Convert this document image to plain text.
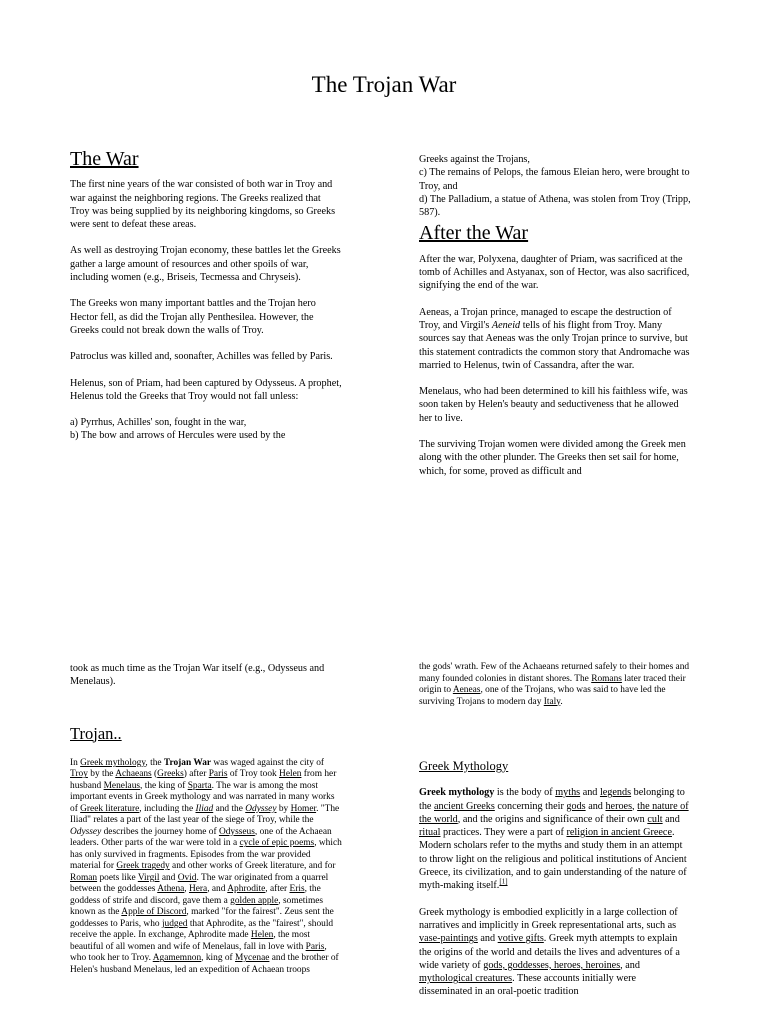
The Trojan War
The War

The first nine years of the war consisted of both war in Troy and war against the neighboring regions. The Greeks realized that Troy was being supplied by its neighboring kingdoms, so Greeks were sent to defeat these areas.

As well as destroying Trojan economy, these battles let the Greeks gather a large amount of resources and other spoils of war, including women (e.g., Briseis, Tecmessa and Chryseis).

The Greeks won many important battles and the Trojan hero Hector fell, as did the Trojan ally Penthesilea. However, the Greeks could not break down the walls of Troy.

Patroclus was killed and, soonafter, Achilles was felled by Paris.

Helenus, son of Priam, had been captured by Odysseus. A prophet, Helenus told the Greeks that Troy would not fall unless:

a) Pyrrhus, Achilles' son, fought in the war,
b) The bow and arrows of Hercules were used by the

Greeks against the Trojans,
c) The remains of Pelops, the famous Eleian hero, were brought to Troy, and
d) The Palladium, a statue of Athena, was stolen from Troy (Tripp, 587).

After the War

After the war, Polyxena, daughter of Priam, was sacrificed at the tomb of Achilles and Astyanax, son of Hector, was also sacrificed, signifying the end of the war.

Aeneas, a Trojan prince, managed to escape the destruction of Troy, and Virgil's Aeneid tells of his flight from Troy. Many sources say that Aeneas was the only Trojan prince to survive, but this statement contradicts the common story that Andromache was married to Helenus, twin of Cassandra, after the war.

Menelaus, who had been determined to kill his faithless wife, was soon taken by Helen's beauty and seductiveness that he allowed her to live.

The surviving Trojan women were divided among the Greek men along with the other plunder. The Greeks then set sail for home, which, for some, proved as difficult and

took as much time as the Trojan War itself (e.g., Odysseus and Menelaus).

Trojan..
In Greek mythology, the Trojan War was waged against the city of Troy by the Achaeans (Greeks) after Paris of Troy took Helen from her husband Menelaus, the king of Sparta. The war is among the most important events in Greek mythology and was narrated in many works of Greek literature, including the Iliad and the Odyssey by Homer. "The Iliad" relates a part of the last year of the siege of Troy, while the Odyssey describes the journey home of Odysseus, one of the Achaean leaders. Other parts of the war were told in a cycle of epic poems, which has only survived in fragments. Episodes from the war provided material for Greek tragedy and other works of Greek literature, and for Roman poets like Virgil and Ovid. The war originated from a quarrel between the goddesses Athena, Hera, and Aphrodite, after Eris, the goddess of strife and discord, gave them a golden apple, sometimes known as the Apple of Discord, marked "for the fairest". Zeus sent the goddesses to Paris, who judged that Aphrodite, as the "fairest", should receive the apple. In exchange, Aphrodite made Helen, the most beautiful of all women and wife of Menelaus, fall in love with Paris, who took her to Troy. Agamemnon, king of Mycenae and the brother of Helen's husband Menelaus, led an expedition of Achaean troops
the gods' wrath. Few of the Achaeans returned safely to their homes and many founded colonies in distant shores. The Romans later traced their origin to Aeneas, one of the Trojans, who was said to have led the surviving Trojans to modern day Italy.
Greek Mythology

Greek mythology is the body of myths and legends belonging to the ancient Greeks concerning their gods and heroes, the nature of the world, and the origins and significance of their own cult and ritual practices. They were a part of religion in ancient Greece. Modern scholars refer to the myths and study them in an attempt to throw light on the religious and political institutions of Ancient Greece, its civilization, and to gain understanding of the nature of myth-making itself.[1]

Greek mythology is embodied explicitly in a large collection of narratives and implicitly in Greek representational arts, such as vase-paintings and votive gifts. Greek myth attempts to explain the origins of the world and details the lives and adventures of a wide variety of gods, goddesses, heroes, heroines, and mythological creatures. These accounts initially were disseminated in an oral-poetic tradition
